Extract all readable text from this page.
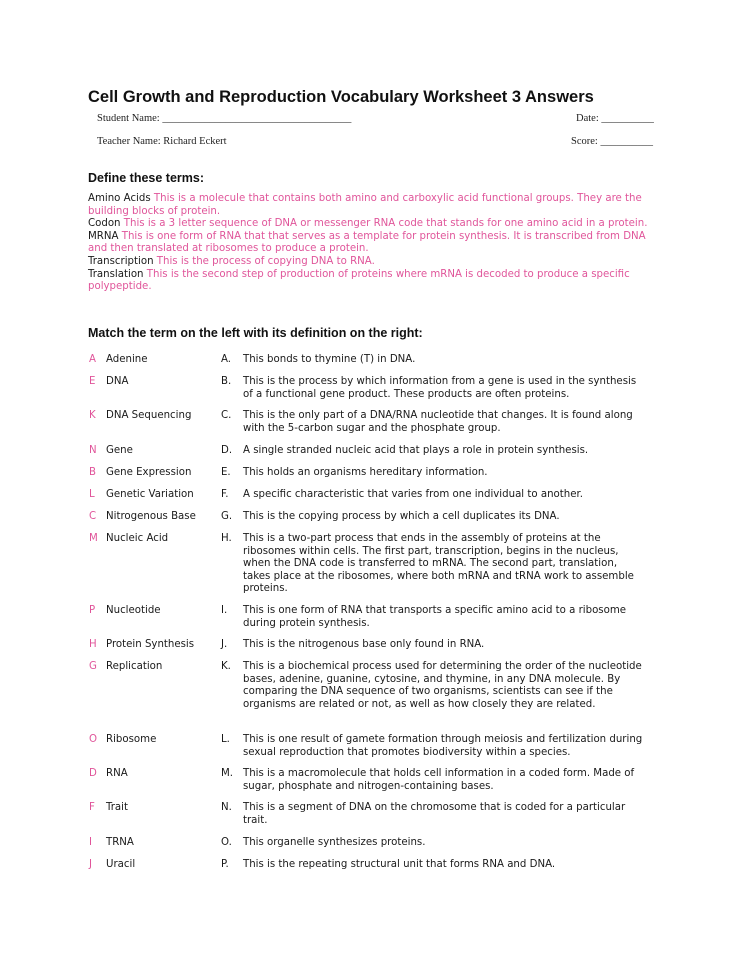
Cell Growth and Reproduction Vocabulary Worksheet 3 Answers
Student Name: ____________________________________	Date: __________
Teacher Name: Richard Eckert	Score: __________
Define these terms:
Amino Acids This is a molecule that contains both amino and carboxylic acid functional groups. They are the building blocks of protein.
Codon This is a 3 letter sequence of DNA or messenger RNA code that stands for one amino acid in a protein.
MRNA This is one form of RNA that that serves as a template for protein synthesis. It is transcribed from DNA and then translated at ribosomes to produce a protein.
Transcription This is the process of copying DNA to RNA.
Translation This is the second step of production of proteins where mRNA is decoded to produce a specific polypeptide.
Match the term on the left with its definition on the right:
A Adenine	A. This bonds to thymine (T) in DNA.
E DNA	B. This is the process by which information from a gene is used in the synthesis of a functional gene product. These products are often proteins.
K DNA Sequencing	C. This is the only part of a DNA/RNA nucleotide that changes. It is found along with the 5-carbon sugar and the phosphate group.
N Gene	D. A single stranded nucleic acid that plays a role in protein synthesis.
B Gene Expression	E. This holds an organisms hereditary information.
L Genetic Variation	F. A specific characteristic that varies from one individual to another.
C Nitrogenous Base G. This is the copying process by which a cell duplicates its DNA.
M Nucleic Acid	H. This is a two-part process that ends in the assembly of proteins at the ribosomes within cells. The first part, transcription, begins in the nucleus, when the DNA code is transferred to mRNA. The second part, translation, takes place at the ribosomes, where both mRNA and tRNA work to assemble proteins.
P Nucleotide	I. This is one form of RNA that transports a specific amino acid to a ribosome during protein synthesis.
H Protein Synthesis	J. This is the nitrogenous base only found in RNA.
G Replication	K. This is a biochemical process used for determining the order of the nucleotide bases, adenine, guanine, cytosine, and thymine, in any DNA molecule. By comparing the DNA sequence of two organisms, scientists can see if the organisms are related or not, as well as how closely they are related.
O Ribosome	L. This is one result of gamete formation through meiosis and fertilization during sexual reproduction that promotes biodiversity within a species.
D RNA	M. This is a macromolecule that holds cell information in a coded form. Made of sugar, phosphate and nitrogen-containing bases.
F Trait	N. This is a segment of DNA on the chromosome that is coded for a particular trait.
I TRNA	O. This organelle synthesizes proteins.
J Uracil	P. This is the repeating structural unit that forms RNA and DNA.
